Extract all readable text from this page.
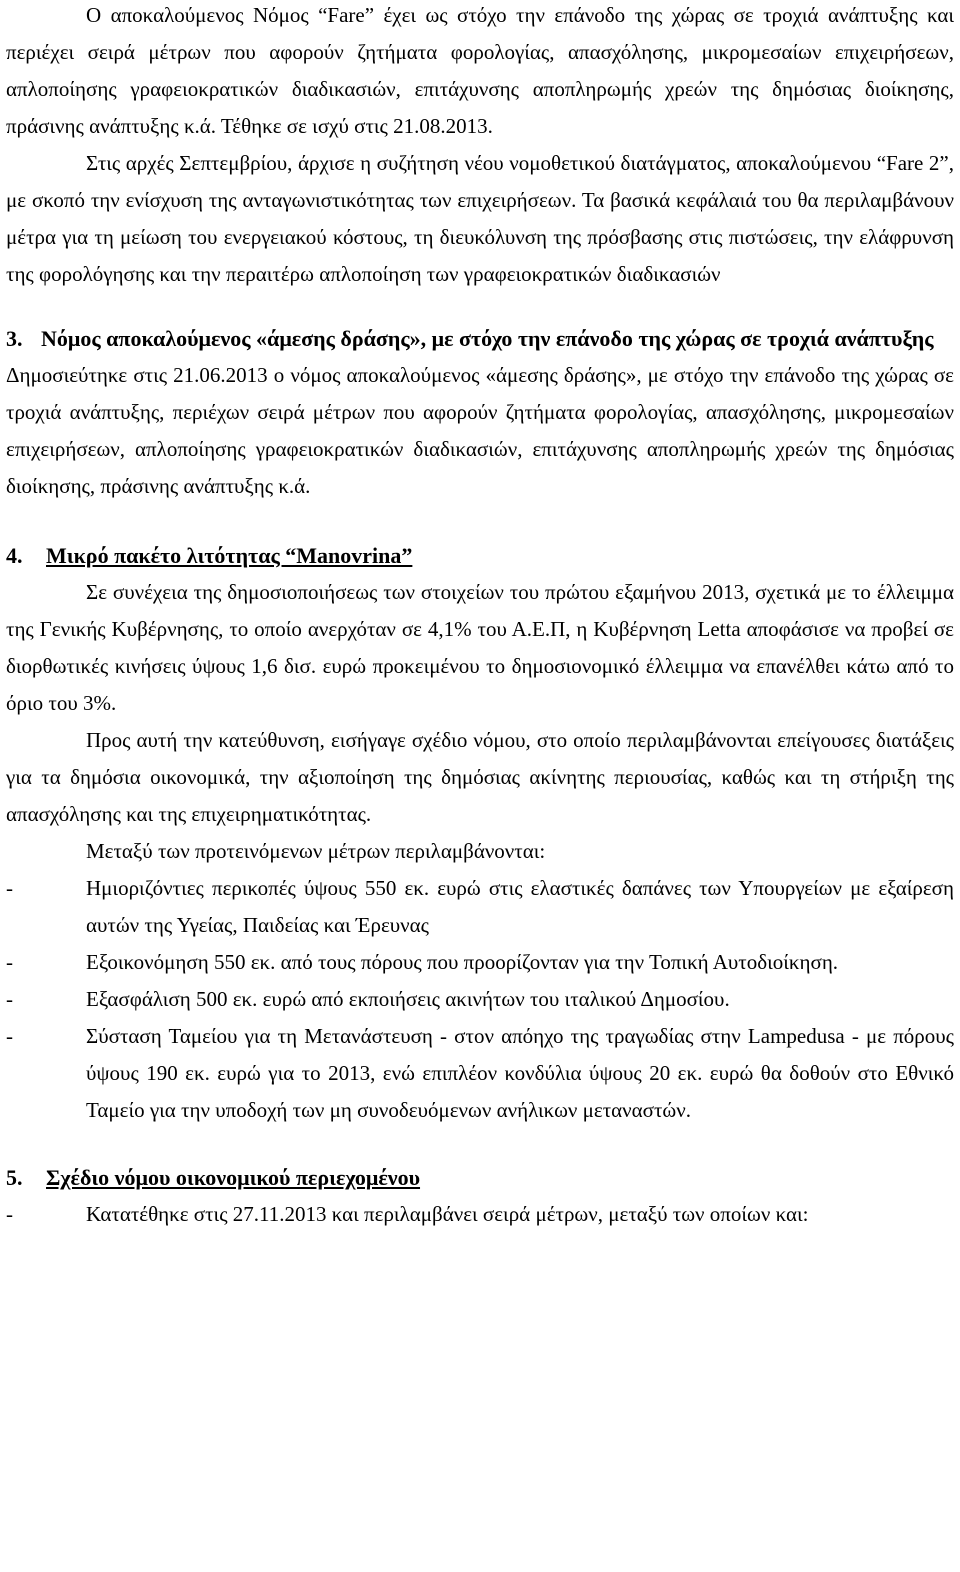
Ο αποκαλούμενος Νόμος “Fare” έχει ως στόχο την επάνοδο της χώρας σε τροχιά ανάπτυξης και περιέχει σειρά μέτρων που αφορούν ζητήματα φορολογίας, απασχόλησης, μικρομεσαίων επιχειρήσεων, απλοποίησης γραφειοκρατικών διαδικασιών, επιτάχυνσης αποπληρωμής χρεών της δημόσιας διοίκησης, πράσινης ανάπτυξης κ.ά. Τέθηκε σε ισχύ στις 21.08.2013.

Στις αρχές Σεπτεμβρίου, άρχισε η συζήτηση νέου νομοθετικού διατάγματος, αποκαλούμενου “Fare 2”, με σκοπό την ενίσχυση της ανταγωνιστικότητας των επιχειρήσεων. Τα βασικά κεφάλαιά του θα περιλαμβάνουν μέτρα για τη μείωση του ενεργειακού κόστους, τη διευκόλυνση της πρόσβασης στις πιστώσεις, την ελάφρυνση της φορολόγησης και την περαιτέρω απλοποίηση των γραφειοκρατικών διαδικασιών

3. Νόμος αποκαλούμενος «άμεσης δράσης», με στόχο την επάνοδο της χώρας σε τροχιά ανάπτυξης

Δημοσιεύτηκε στις 21.06.2013 ο νόμος αποκαλούμενος «άμεσης δράσης», με στόχο την επάνοδο της χώρας σε τροχιά ανάπτυξης, περιέχων σειρά μέτρων που αφορούν ζητήματα φορολογίας, απασχόλησης, μικρομεσαίων επιχειρήσεων, απλοποίησης γραφειοκρατικών διαδικασιών, επιτάχυνσης αποπληρωμής χρεών της δημόσιας διοίκησης, πράσινης ανάπτυξης κ.ά.

4. Μικρό πακέτο λιτότητας “Manovrina”

Σε συνέχεια της δημοσιοποιήσεως των στοιχείων του πρώτου εξαμήνου 2013, σχετικά με το έλλειμμα της Γενικής Κυβέρνησης, το οποίο ανερχόταν σε 4,1% του Α.Ε.Π, η Κυβέρνηση Letta αποφάσισε να προβεί σε διορθωτικές κινήσεις ύψους 1,6 δισ. ευρώ προκειμένου το δημοσιονομικό έλλειμμα να επανέλθει κάτω από το όριο του 3%.

Προς αυτή την κατεύθυνση, εισήγαγε σχέδιο νόμου, στο οποίο περιλαμβάνονται επείγουσες διατάξεις για τα δημόσια οικονομικά, την αξιοποίηση της δημόσιας ακίνητης περιουσίας, καθώς και τη στήριξη της απασχόλησης και της επιχειρηματικότητας.

Μεταξύ των προτεινόμενων μέτρων περιλαμβάνονται:

-	Ημιοριζόντιες περικοπές ύψους 550 εκ. ευρώ στις ελαστικές δαπάνες των Υπουργείων με εξαίρεση αυτών της Υγείας, Παιδείας και Έρευνας
-	Εξοικονόμηση 550 εκ. από τους πόρους που προορίζονταν για την Τοπική Αυτοδιοίκηση.
-	Εξασφάλιση 500 εκ. ευρώ από εκποιήσεις ακινήτων του ιταλικού Δημοσίου.
-	Σύσταση Ταμείου για τη Μετανάστευση - στον απόηχο της τραγωδίας στην Lampedusa - με πόρους ύψους 190 εκ. ευρώ για το 2013, ενώ επιπλέον κονδύλια ύψους 20 εκ. ευρώ θα δοθούν στο Εθνικό Ταμείο για την υποδοχή των μη συνοδευόμενων ανήλικων μεταναστών.
5. Σχέδιο νόμου οικονομικού περιεχομένου
-	Κατατέθηκε στις 27.11.2013 και περιλαμβάνει σειρά μέτρων, μεταξύ των οποίων και:
